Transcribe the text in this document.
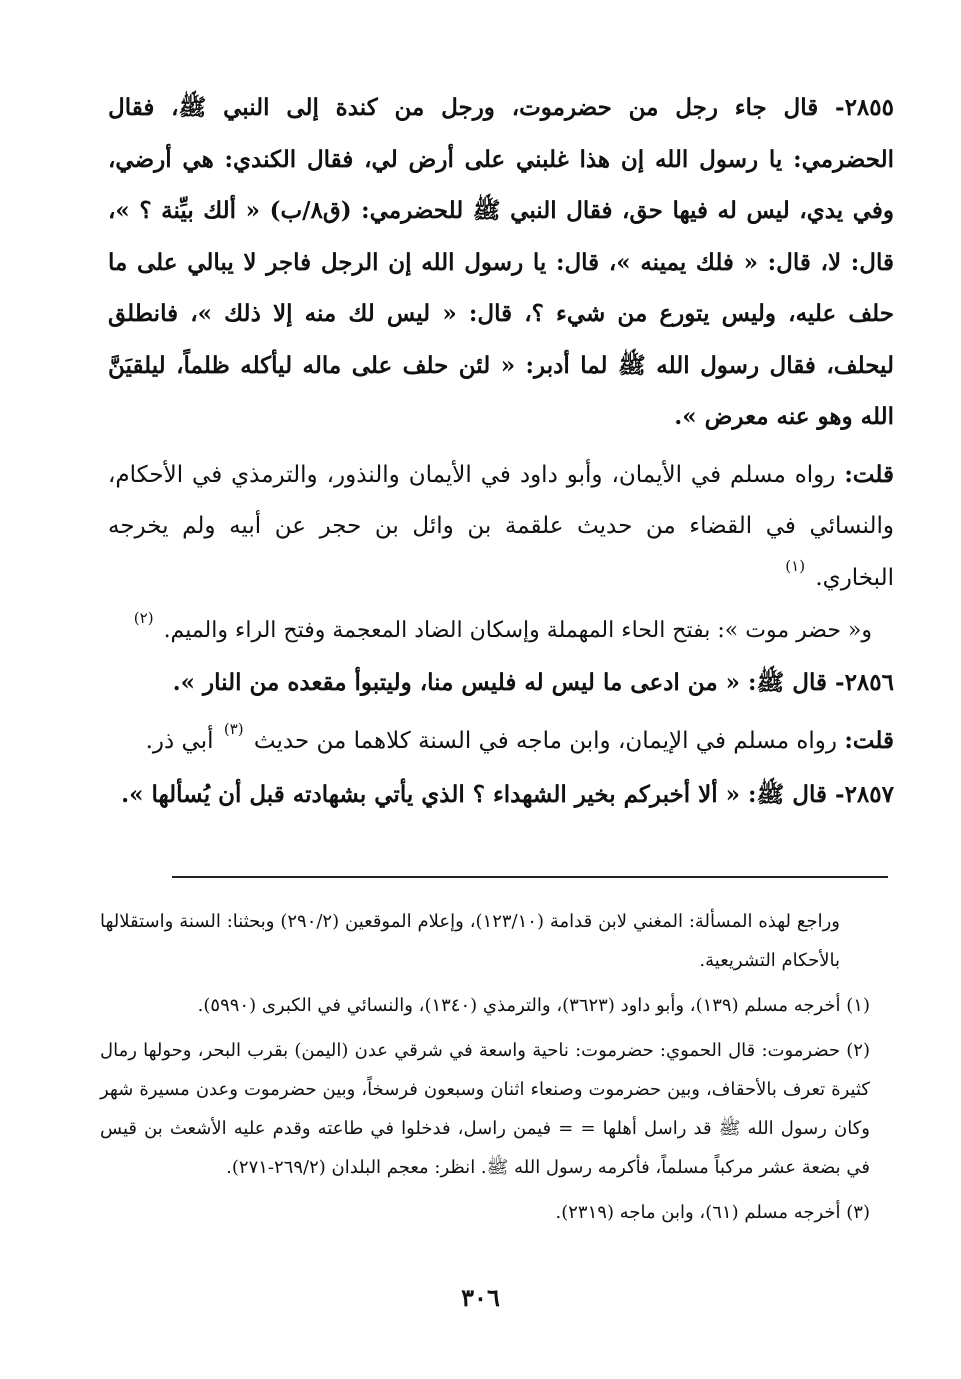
٢٨٥٥- قال جاء رجل من حضرموت، ورجل من كندة إلى النبي ﷺ، فقال الحضرمي: يا رسول الله إن هذا غلبني على أرض لي، فقال الكندي: هي أرضي، وفي يدي، ليس له فيها حق، فقال النبي ﷺ للحضرمي: (ق٨/ب) « ألك بيِّنة ؟ »، قال: لا، قال: « فلك يمينه »، قال: يا رسول الله إن الرجل فاجر لا يبالي على ما حلف عليه، وليس يتورع من شيء ؟، قال: « ليس لك منه إلا ذلك »، فانطلق ليحلف، فقال رسول الله ﷺ لما أدبر: « لئن حلف على ماله ليأكله ظلماً، ليلقيَنَّ الله وهو عنه معرض ».

قلت: رواه مسلم في الأيمان، وأبو داود في الأيمان والنذور، والترمذي في الأحكام، والنسائي في القضاء من حديث علقمة بن وائل بن حجر عن أبيه ولم يخرجه البخاري. $^{(١)}$

و« حضر موت »: بفتح الحاء المهملة وإسكان الضاد المعجمة وفتح الراء والميم. $^{(٢)}$

٢٨٥٦- قال ﷺ: « من ادعى ما ليس له فليس منا، وليتبوأ مقعده من النار ».

قلت: رواه مسلم في الإيمان، وابن ماجه في السنة كلاهما من حديث $^{(٣)}$ أبي ذر.

٢٨٥٧- قال ﷺ: « ألا أخبركم بخير الشهداء ؟ الذي يأتي بشهادته قبل أن يُسألها ».

وراجع لهذه المسألة: المغني لابن قدامة (١٢٣/١٠)، وإعلام الموقعين (٢٩٠/٢) وبحثنا: السنة واستقلالها بالأحكام التشريعية.

(١) أخرجه مسلم (١٣٩)، وأبو داود (٣٦٢٣)، والترمذي (١٣٤٠)، والنسائي في الكبرى (٥٩٩٠).

(٢) حضرموت: قال الحموي: حضرموت: ناحية واسعة في شرقي عدن (اليمن) بقرب البحر، وحولها رمال كثيرة تعرف بالأحقاف، وبين حضرموت وصنعاء اثنان وسبعون فرسخاً، وبين حضرموت وعدن مسيرة شهر وكان رسول الله ﷺ قد راسل أهلها = = فيمن راسل، فدخلوا في طاعته وقدم عليه الأشعث بن قيس في بضعة عشر مركباً مسلماً، فأكرمه رسول الله ﷺ. انظر: معجم البلدان (٢٦٩/٢-٢٧١).

(٣) أخرجه مسلم (٦١)، وابن ماجه (٢٣١٩).

٣٠٦
